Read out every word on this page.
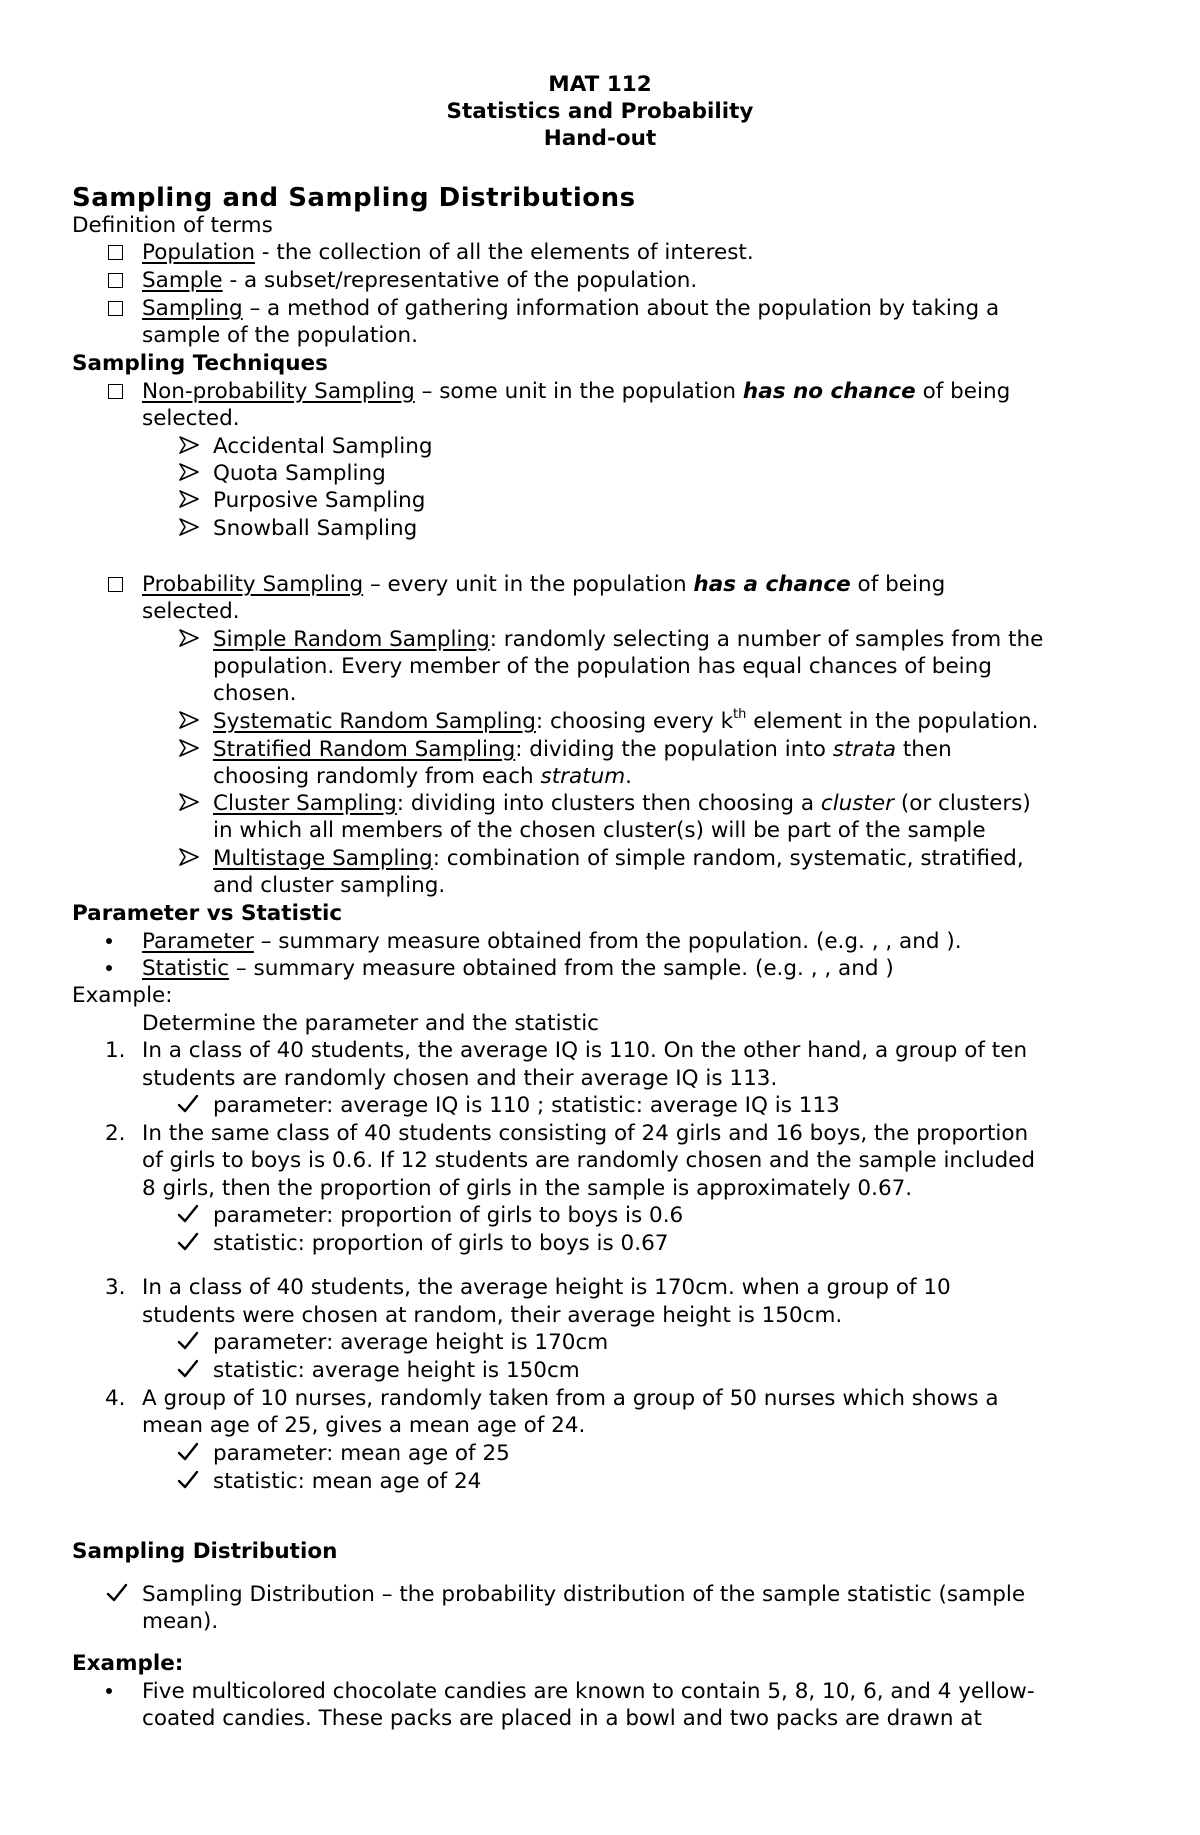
MAT 112
Statistics and Probability
Hand-out
Sampling and Sampling Distributions
Definition of terms
Population - the collection of all the elements of interest.
Sample - a subset/representative of the population.
Sampling – a method of gathering information about the population by taking a
sample of the population.
Sampling Techniques
Non-probability Sampling – some unit in the population has no chance of being
selected.
Accidental Sampling
Quota Sampling
Purposive Sampling
Snowball Sampling
Probability Sampling – every unit in the population has a chance of being
selected.
Simple Random Sampling: randomly selecting a number of samples from the
population. Every member of the population has equal chances of being
chosen.
Systematic Random Sampling: choosing every $k^{th}$ element in the population.
Stratified Random Sampling: dividing the population into strata then
choosing randomly from each stratum.
Cluster Sampling: dividing into clusters then choosing a cluster (or clusters)
in which all members of the chosen cluster(s) will be part of the sample
Multistage Sampling: combination of simple random, systematic, stratified,
and cluster sampling.
Parameter vs Statistic
Parameter – summary measure obtained from the population. (e.g. , , and ).
Statistic – summary measure obtained from the sample. (e.g. , , and )
Example:
Determine the parameter and the statistic
1. In a class of 40 students, the average IQ is 110. On the other hand, a group of ten
students are randomly chosen and their average IQ is 113.
parameter: average IQ is 110 ; statistic: average IQ is 113
2. In the same class of 40 students consisting of 24 girls and 16 boys, the proportion
of girls to boys is 0.6. If 12 students are randomly chosen and the sample included
8 girls, then the proportion of girls in the sample is approximately 0.67.
parameter: proportion of girls to boys is 0.6
statistic: proportion of girls to boys is 0.67
3. In a class of 40 students, the average height is 170cm. when a group of 10
students were chosen at random, their average height is 150cm.
parameter: average height is 170cm
statistic: average height is 150cm
4. A group of 10 nurses, randomly taken from a group of 50 nurses which shows a
mean age of 25, gives a mean age of 24.
parameter: mean age of 25
statistic: mean age of 24
Sampling Distribution
Sampling Distribution – the probability distribution of the sample statistic (sample
mean).
Example:
Five multicolored chocolate candies are known to contain 5, 8, 10, 6, and 4 yellow-
coated candies. These packs are placed in a bowl and two packs are drawn at
